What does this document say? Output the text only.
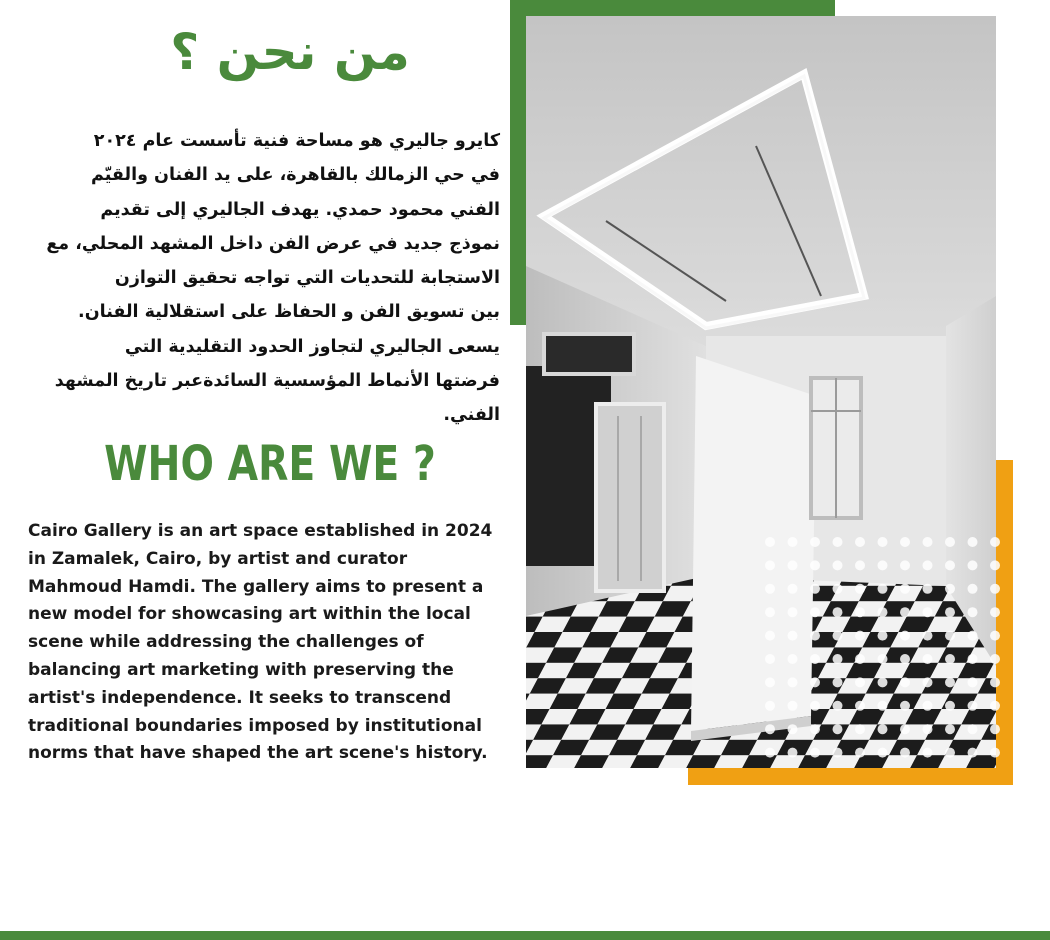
من نحن ؟
كايرو جاليري هو مساحة فنية تأسست عام ٢٠٢٤
في حي الزمالك بالقاهرة، على يد الفنان والقيّم
الفني محمود حمدي. يهدف الجاليري إلى تقديم
نموذج جديد في عرض الفن داخل المشهد المحلي، مع
الاستجابة للتحديات التي تواجه تحقيق التوازن
بين تسويق الفن و الحفاظ على استقلالية الفنان.
يسعى الجاليري لتجاوز الحدود التقليدية التي
فرضتها الأنماط المؤسسية السائدةعبر تاريخ المشهد
الفني.
WHO ARE WE ?
Cairo Gallery is an art space established in 2024
in Zamalek, Cairo, by artist and curator
Mahmoud Hamdi. The gallery aims to present a
new model for showcasing art within the local
scene while addressing the challenges of
balancing art marketing with preserving the
artist's independence. It seeks to transcend
traditional boundaries imposed by institutional
norms that have shaped the art scene's history.
